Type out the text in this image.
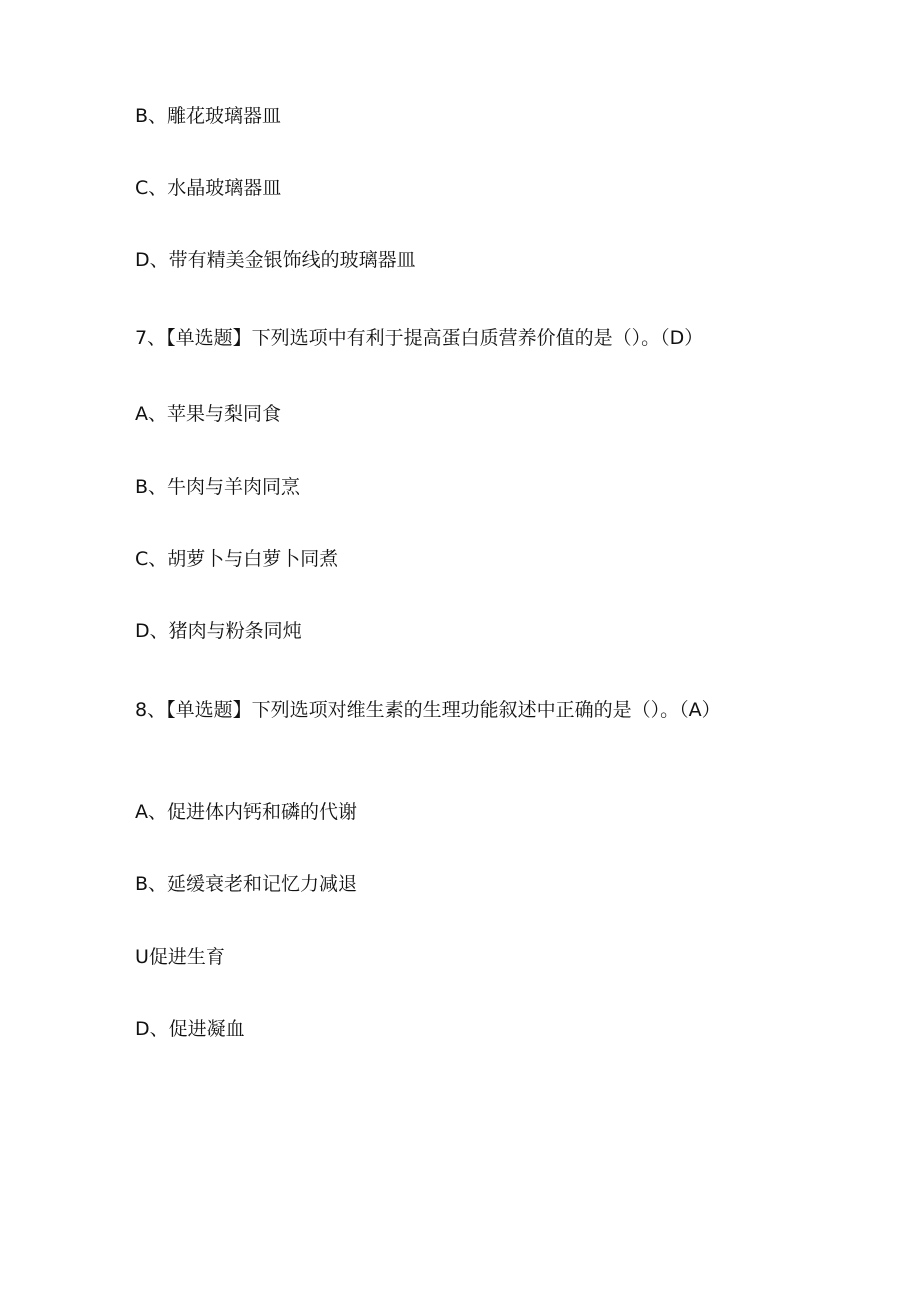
B、雕花玻璃器皿
C、水晶玻璃器皿
D、带有精美金银饰线的玻璃器皿
7、【单选题】下列选项中有利于提高蛋白质营养价值的是（）。（D）
A、苹果与梨同食
B、牛肉与羊肉同烹
C、胡萝卜与白萝卜同煮
D、猪肉与粉条同炖
8、【单选题】下列选项对维生素的生理功能叙述中正确的是（）。（A）
A、促进体内钙和磷的代谢
B、延缓衰老和记忆力减退
U促进生育
D、促进凝血
